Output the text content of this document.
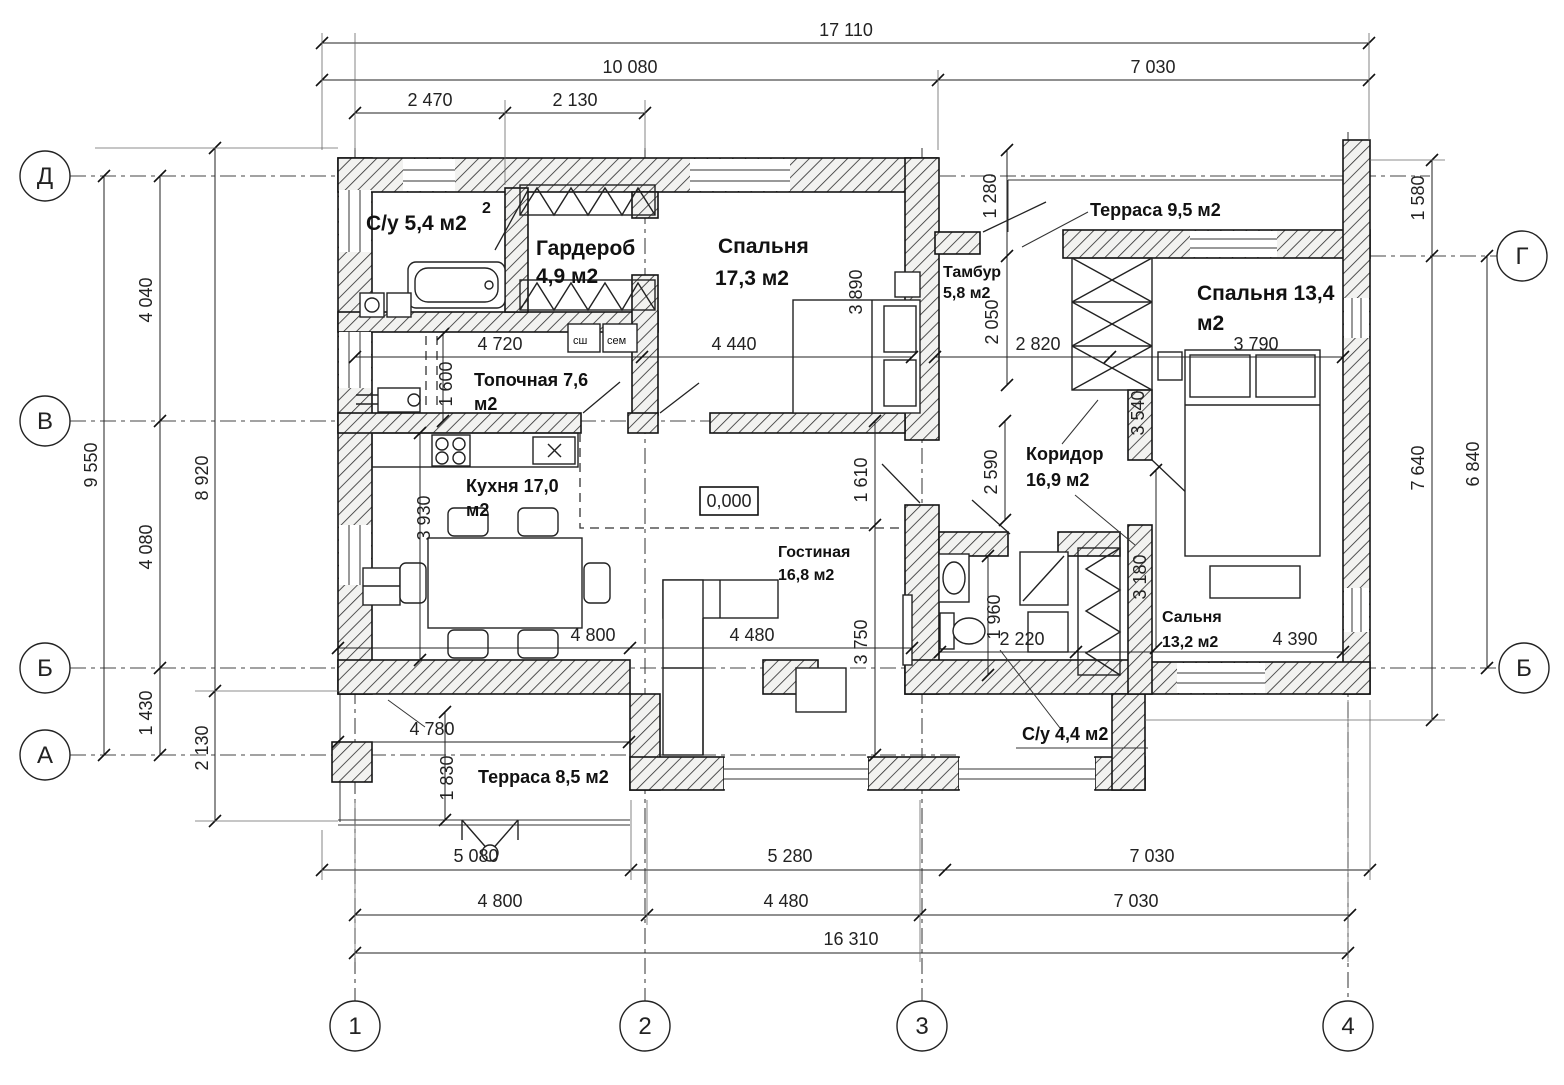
0,000
Д
В
Б
А
Г
Б
1	2	3	4
17 110
10 080	7 030
2 470	2 130
9 550
4 040
4 080
1 430
8 920
2 130
1 580
7 640 6 840
5 080	5 280	7 030
4 800	4 480	7 030
16 310
4 720	4 440	2 820	3 790
4 800	4 480	2 220	4 390
4 780
3 890
1 600
3 930
1 610
3 750
2 050
1 280
2 590
3 540
1 960
3 180
1 830
С/у 5,4 м2
2
Гардероб
4,9 м2
Спальня
17,3 м2
Терраса 9,5 м2
Тамбур
5,8 м2	Спальня 13,4
м2
Топочная 7,6
м2
Кухня 17,0
м2
Коридор
16,9 м2
Гостиная
16,8 м2
Сальня
13,2 м2
С/у 4,4 м2
Терраса 8,5 м2
сш сем
